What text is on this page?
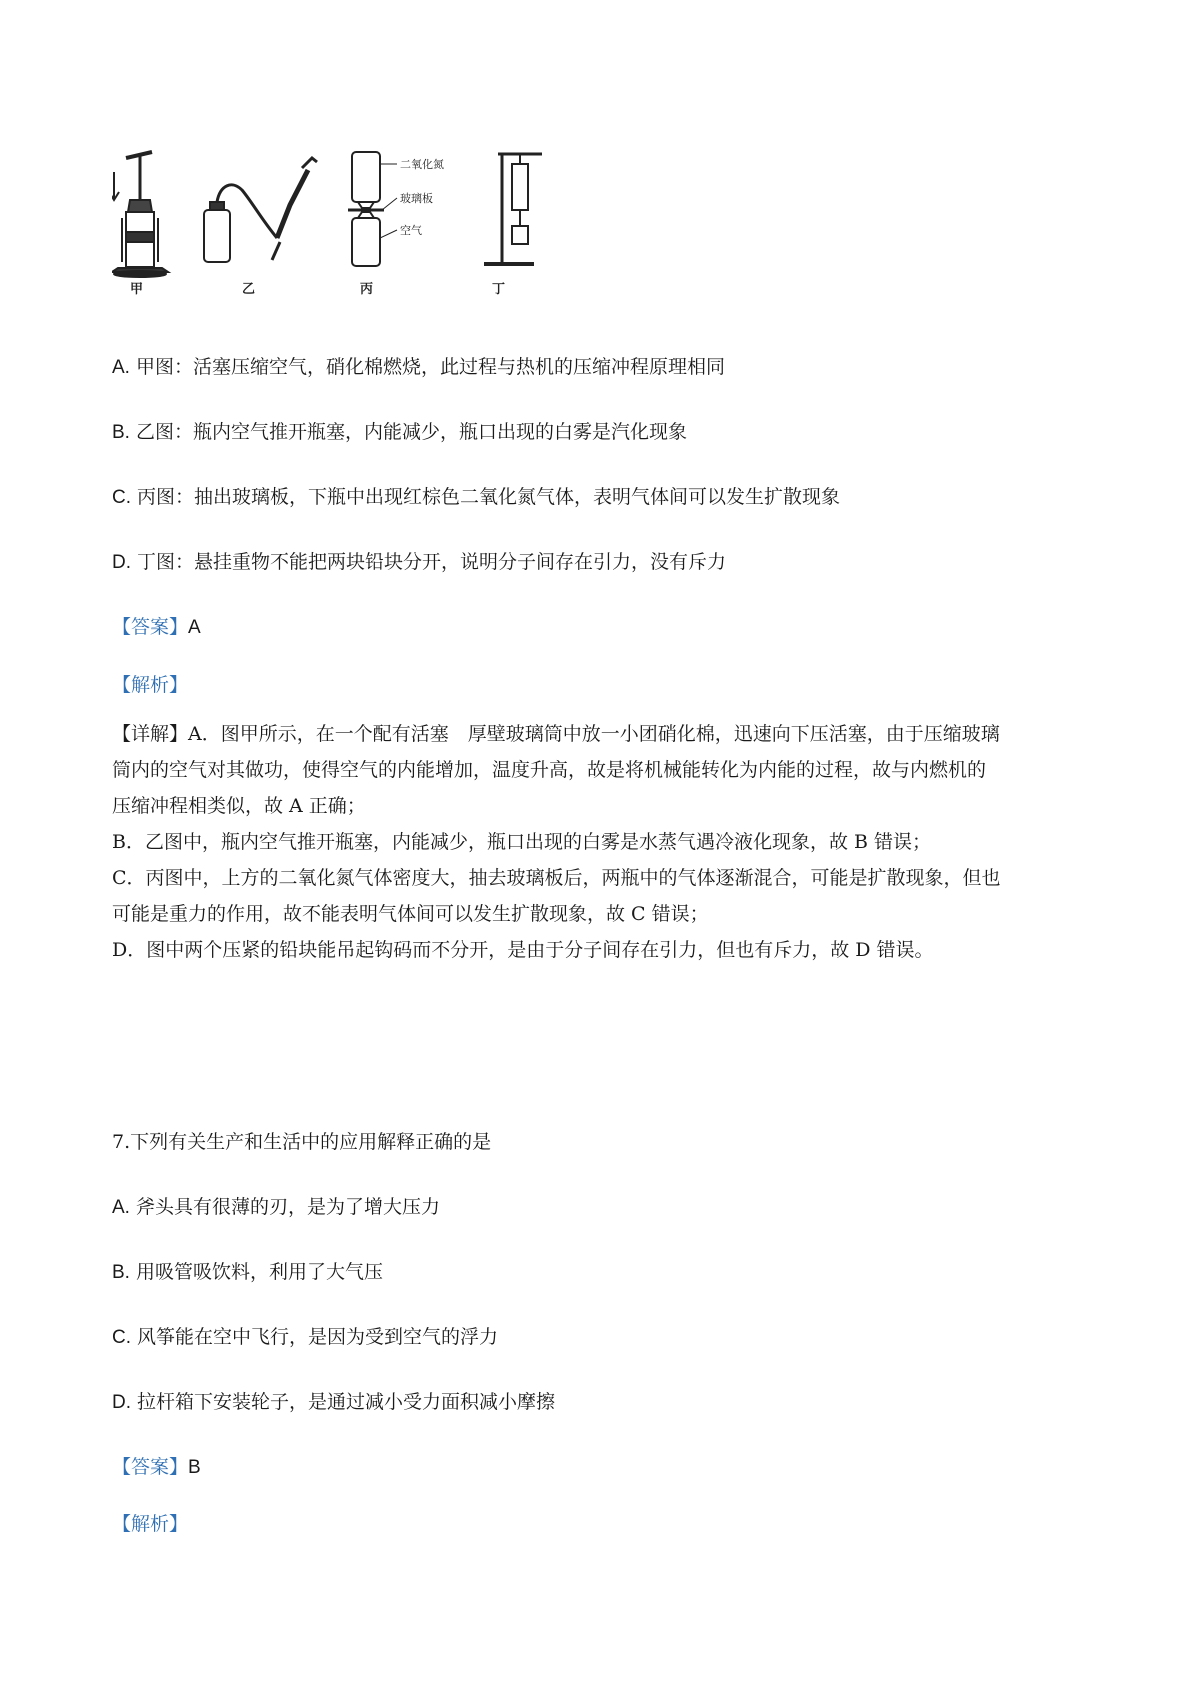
二氧化氮
玻璃板
空气
甲	乙	丙	丁
A. 甲图：活塞压缩空气，硝化棉燃烧，此过程与热机的压缩冲程原理相同
B. 乙图：瓶内空气推开瓶塞，内能减少，瓶口出现的白雾是汽化现象
C. 丙图：抽出玻璃板，下瓶中出现红棕色二氧化氮气体，表明气体间可以发生扩散现象
D. 丁图：悬挂重物不能把两块铅块分开，说明分子间存在引力，没有斥力
【答案】A
【解析】

【详解】A．图甲所示，在一个配有活塞　厚壁玻璃筒中放一小团硝化棉，迅速向下压活塞，由于压缩玻璃

筒内的空气对其做功，使得空气的内能增加，温度升高，故是将机械能转化为内能的过程，故与内燃机的

压缩冲程相类似，故 A 正确；

B．乙图中，瓶内空气推开瓶塞，内能减少，瓶口出现的白雾是水蒸气遇冷液化现象，故 B 错误；

C．丙图中，上方的二氧化氮气体密度大，抽去玻璃板后，两瓶中的气体逐渐混合，可能是扩散现象，但也

可能是重力的作用，故不能表明气体间可以发生扩散现象，故 C 错误；

D．图中两个压紧的铅块能吊起钩码而不分开，是由于分子间存在引力，但也有斥力，故 D 错误。

7.下列有关生产和生活中的应用解释正确的是
A. 斧头具有很薄的刃，是为了增大压力
B. 用吸管吸饮料，利用了大气压
C. 风筝能在空中飞行，是因为受到空气的浮力
D. 拉杆箱下安装轮子，是通过减小受力面积减小摩擦
【答案】B
【解析】
